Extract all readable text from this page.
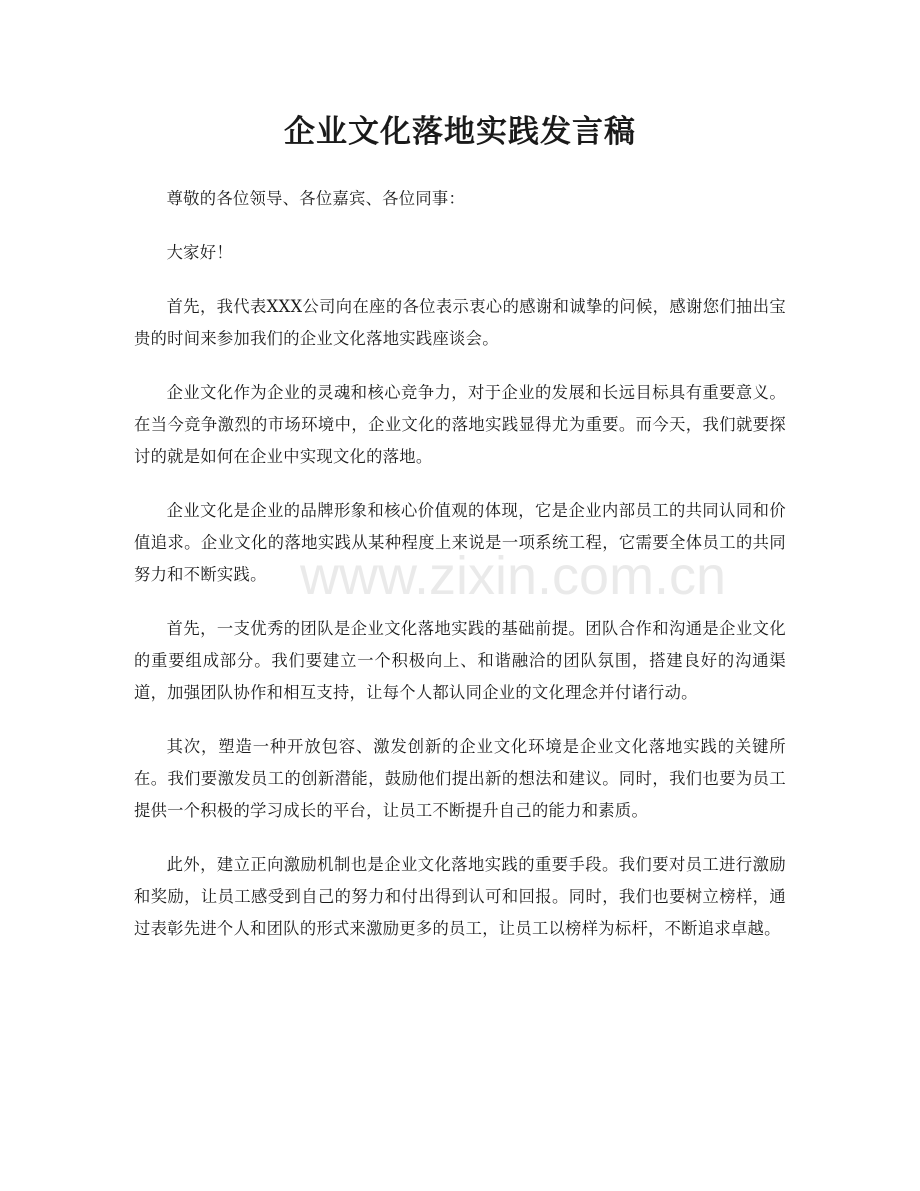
企业文化落地实践发言稿

尊敬的各位领导、各位嘉宾、各位同事：

大家好！

首先，我代表XXX公司向在座的各位表示衷心的感谢和诚挚的问候，感谢您们抽出宝贵的时间来参加我们的企业文化落地实践座谈会。

企业文化作为企业的灵魂和核心竞争力，对于企业的发展和长远目标具有重要意义。在当今竞争激烈的市场环境中，企业文化的落地实践显得尤为重要。而今天，我们就要探讨的就是如何在企业中实现文化的落地。

企业文化是企业的品牌形象和核心价值观的体现，它是企业内部员工的共同认同和价值追求。企业文化的落地实践从某种程度上来说是一项系统工程，它需要全体员工的共同努力和不断实践。

首先，一支优秀的团队是企业文化落地实践的基础前提。团队合作和沟通是企业文化的重要组成部分。我们要建立一个积极向上、和谐融洽的团队氛围，搭建良好的沟通渠道，加强团队协作和相互支持，让每个人都认同企业的文化理念并付诸行动。

其次，塑造一种开放包容、激发创新的企业文化环境是企业文化落地实践的关键所在。我们要激发员工的创新潜能，鼓励他们提出新的想法和建议。同时，我们也要为员工提供一个积极的学习成长的平台，让员工不断提升自己的能力和素质。

此外，建立正向激励机制也是企业文化落地实践的重要手段。我们要对员工进行激励和奖励，让员工感受到自己的努力和付出得到认可和回报。同时，我们也要树立榜样，通过表彰先进个人和团队的形式来激励更多的员工，让员工以榜样为标杆，不断追求卓越。

www.zixin.com.cn
